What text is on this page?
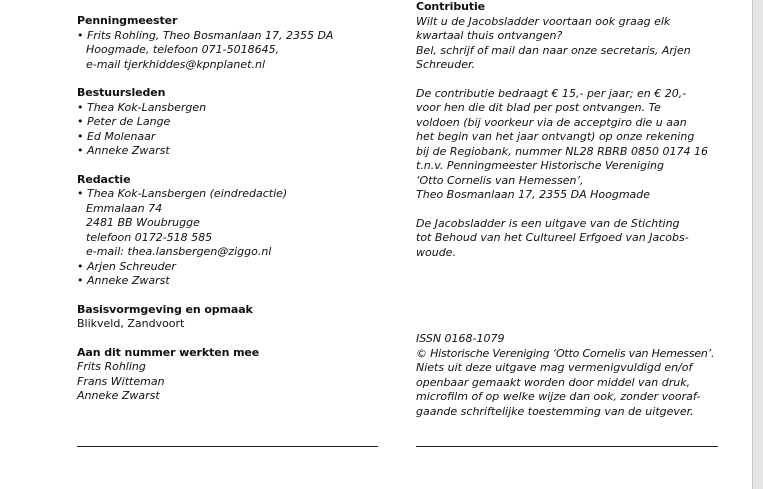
Penningmeester

• Frits Rohling, Theo Bosmanlaan 17, 2355 DA

Hoogmade, telefoon 071-5018645,

e-mail tjerkhiddes@kpnplanet.nl

Bestuursleden

• Thea Kok-Lansbergen

• Peter de Lange

• Ed Molenaar

• Anneke Zwarst

Redactie

• Thea Kok-Lansbergen (eindredactie)

Emmalaan 74

2481 BB Woubrugge

telefoon 0172-518 585

e-mail: thea.lansbergen@ziggo.nl

• Arjen Schreuder

• Anneke Zwarst

Basisvormgeving en opmaak

Blikveld, Zandvoort

Aan dit nummer werkten mee

Frits Rohling

Frans Witteman

Anneke Zwarst

Contributie

Wilt u de Jacobsladder voortaan ook graag elk

kwartaal thuis ontvangen?

Bel, schrijf of mail dan naar onze secretaris, Arjen

Schreuder.

De contributie bedraagt € 15,- per jaar; en € 20,-

voor hen die dit blad per post ontvangen. Te

voldoen (bij voorkeur via de acceptgiro die u aan

het begin van het jaar ontvangt) op onze rekening

bij de Regiobank, nummer NL28 RBRB 0850 0174 16

t.n.v. Penningmeester Historische Vereniging

‘Otto Cornelis van Hemessen’,

Theo Bosmanlaan 17, 2355 DA Hoogmade

De Jacobsladder is een uitgave van de Stichting

tot Behoud van het Cultureel Erfgoed van Jacobs-

woude.

ISSN 0168-1079

© Historische Vereniging ‘Otto Cornelis van Hemessen’.

Niets uit deze uitgave mag vermenigvuldigd en/of

openbaar gemaakt worden door middel van druk,

microfilm of op welke wijze dan ook, zonder vooraf-

gaande schriftelijke toestemming van de uitgever.
